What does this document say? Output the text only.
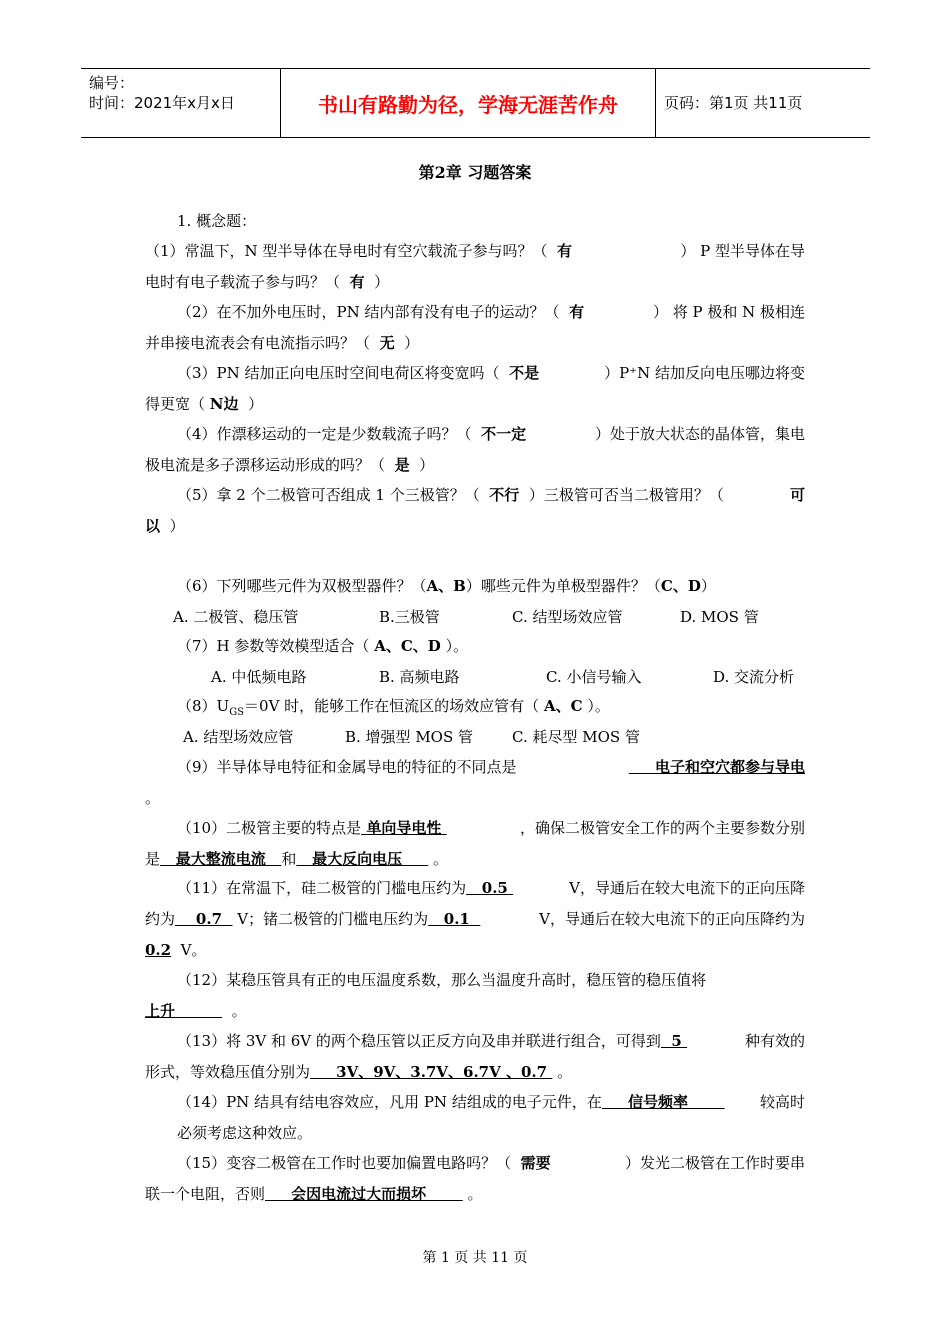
编号：
时间：2021年x月x日	书山有路勤为径，学海无涯苦作舟	页码：第1页 共11页
第2章 习题答案
1. 概念题：
（1）常温下，N 型半导体在导电时有空穴载流子参与吗？（ 有	） P 型半导体在导
电时有电子载流子参与吗？（ 有 ）
（2）在不加外电压时，PN 结内部有没有电子的运动？（ 有	） 将 P 极和 N 极相连
并串接电流表会有电流指示吗？（ 无 ）
（3）PN 结加正向电压时空间电荷区将变宽吗（ 不是	）P⁺N 结加反向电压哪边将变
得更宽（ N边 ）
（4）作漂移运动的一定是少数载流子吗？（ 不一定	）处于放大状态的晶体管，集电
极电流是多子漂移运动形成的吗？（ 是 ）
（5）拿 2 个二极管可否组成 1 个三极管？（ 不行 ）三极管可否当二极管用？（	可
以 ）
（6）下列哪些元件为双极型器件？（A、B）哪些元件为单极型器件？（C、D）
A. 二极管、稳压管	B.三极管	C. 结型场效应管	D. MOS 管
（7）H 参数等效模型适合（ A、C、D ）。
A. 中低频电路	B. 高频电路	C. 小信号输入	D. 交流分析
$(8)U_{GS}=0V$ 时，能够工作在恒流区的场效应管有（ A、C ）。
A. 结型场效应管	B. 增强型 MOS 管	C. 耗尽型 MOS 管
（9）半导体导电特征和金属导电的特征的不同点是	电子和空穴都参与导电
。
（10）二极管主要的特点是 单向导电性	，确保二极管安全工作的两个主要参数分别
是 最大整流电流 和 最大反向电压 。
（11）在常温下，硅二极管的门槛电压约为 0.5	V，导通后在较大电流下的正向压降
约为 0.7 V；锗二极管的门槛电压约为 0.1	V，导通后在较大电流下的正向压降约为
0.2 V。
（12）某稳压管具有正的电压温度系数，那么当温度升高时，稳压管的稳压值将
上升	。
（13）将 3V 和 6V 的两个稳压管以正反方向及串并联进行组合，可得到 5	种有效的
形式，等效稳压值分别为 3V、9V、3.7V、6.7V 、0.7 。
（14）PN 结具有结电容效应，凡用 PN 结组成的电子元件，在 信号频率	较高时
必须考虑这种效应。
（15）变容二极管在工作时也要加偏置电路吗？（ 需要	）发光二极管在工作时要串
联一个电阻，否则 会因电流过大而损坏	。
第 1 页 共 11 页
